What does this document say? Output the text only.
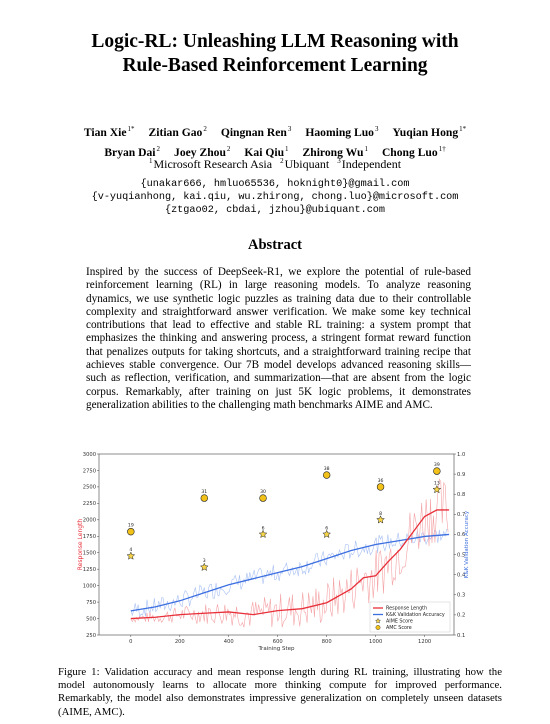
Logic-RL: Unleashing LLM Reasoning with
Rule-Based Reinforcement Learning
Tian Xie$^{1*}$ Zitian Gao$^2$ Qingnan Ren$^3$ Haoming Luo$^3$ Yuqian Hong$^{1*}$
Bryan Dai$^2$ Joey Zhou$^2$ Kai Qiu$^1$ Zhirong Wu$^1$ Chong Luo$^{1\dagger}$
$^1$Microsoft Research Asia $^2$Ubiquant $^3$Independent
{unakar666, hmluo65536, hoknight0}@gmail.com
{v-yuqianhong, kai.qiu, wu.zhirong, chong.luo}@microsoft.com
{ztgao02, cbdai, jzhou}@ubiquant.com
Abstract
Inspired by the success of DeepSeek-R1, we explore the potential of rule-based reinforcement learning (RL) in large reasoning models. To analyze reasoning dynamics, we use synthetic logic puzzles as training data due to their controllable complexity and straightforward answer verification. We make some key technical contributions that lead to effective and stable RL training: a system prompt that emphasizes the thinking and answering process, a stringent format reward function that penalizes outputs for taking shortcuts, and a straightforward training recipe that achieves stable convergence. Our 7B model develops advanced reasoning skills—such as reflection, verification, and summarization—that are absent from the logic corpus. Remarkably, after training on just 5K logic problems, it demonstrates generalization abilities to the challenging math benchmarks AIME and AMC.
0	200	400	600	800	1000	1200
250
500
750
1000
1250
1500
1750
2000
2250
2500
2750
3000
0.1
0.2
0.3
0.4
0.5
0.6
0.7
0.8
0.9
1.0
Training Step
Response Length	K&K Validation Accuracy
19
31	30
38
36
39
4
3
6	6
8
13
Response Length
K&K Validation Accuracy
AIME Score
AMC Score
Figure 1: Validation accuracy and mean response length during RL training, illustrating how the model autonomously learns to allocate more thinking compute for improved performance. Remarkably, the model also demonstrates impressive generalization on completely unseen datasets (AIME, AMC).
